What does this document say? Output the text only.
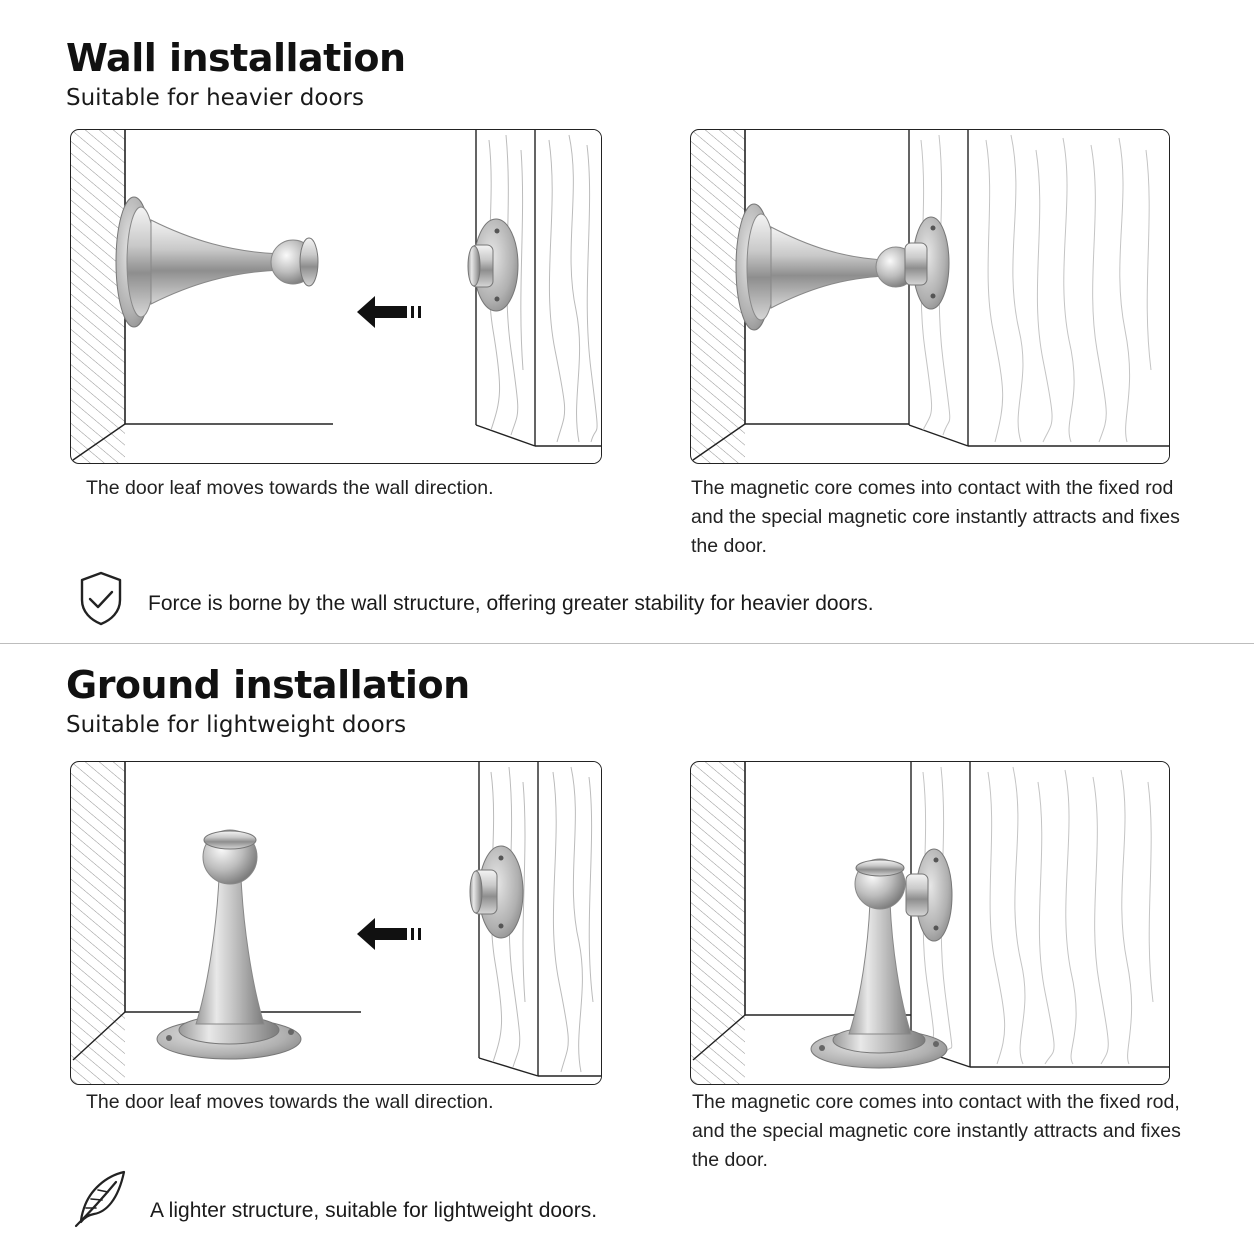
Wall installation

Suitable for heavier doors

The door leaf moves towards the wall direction.	The magnetic core comes into contact with the fixed rod and the special magnetic core instantly attracts and fixes the door.

Force is borne by the wall structure, offering greater stability for heavier doors.

Ground installation

Suitable for lightweight doors

The door leaf moves towards the wall direction.	The magnetic core comes into contact with the fixed rod, and the special magnetic core instantly attracts and fixes the door.

A lighter structure, suitable for lightweight doors.
